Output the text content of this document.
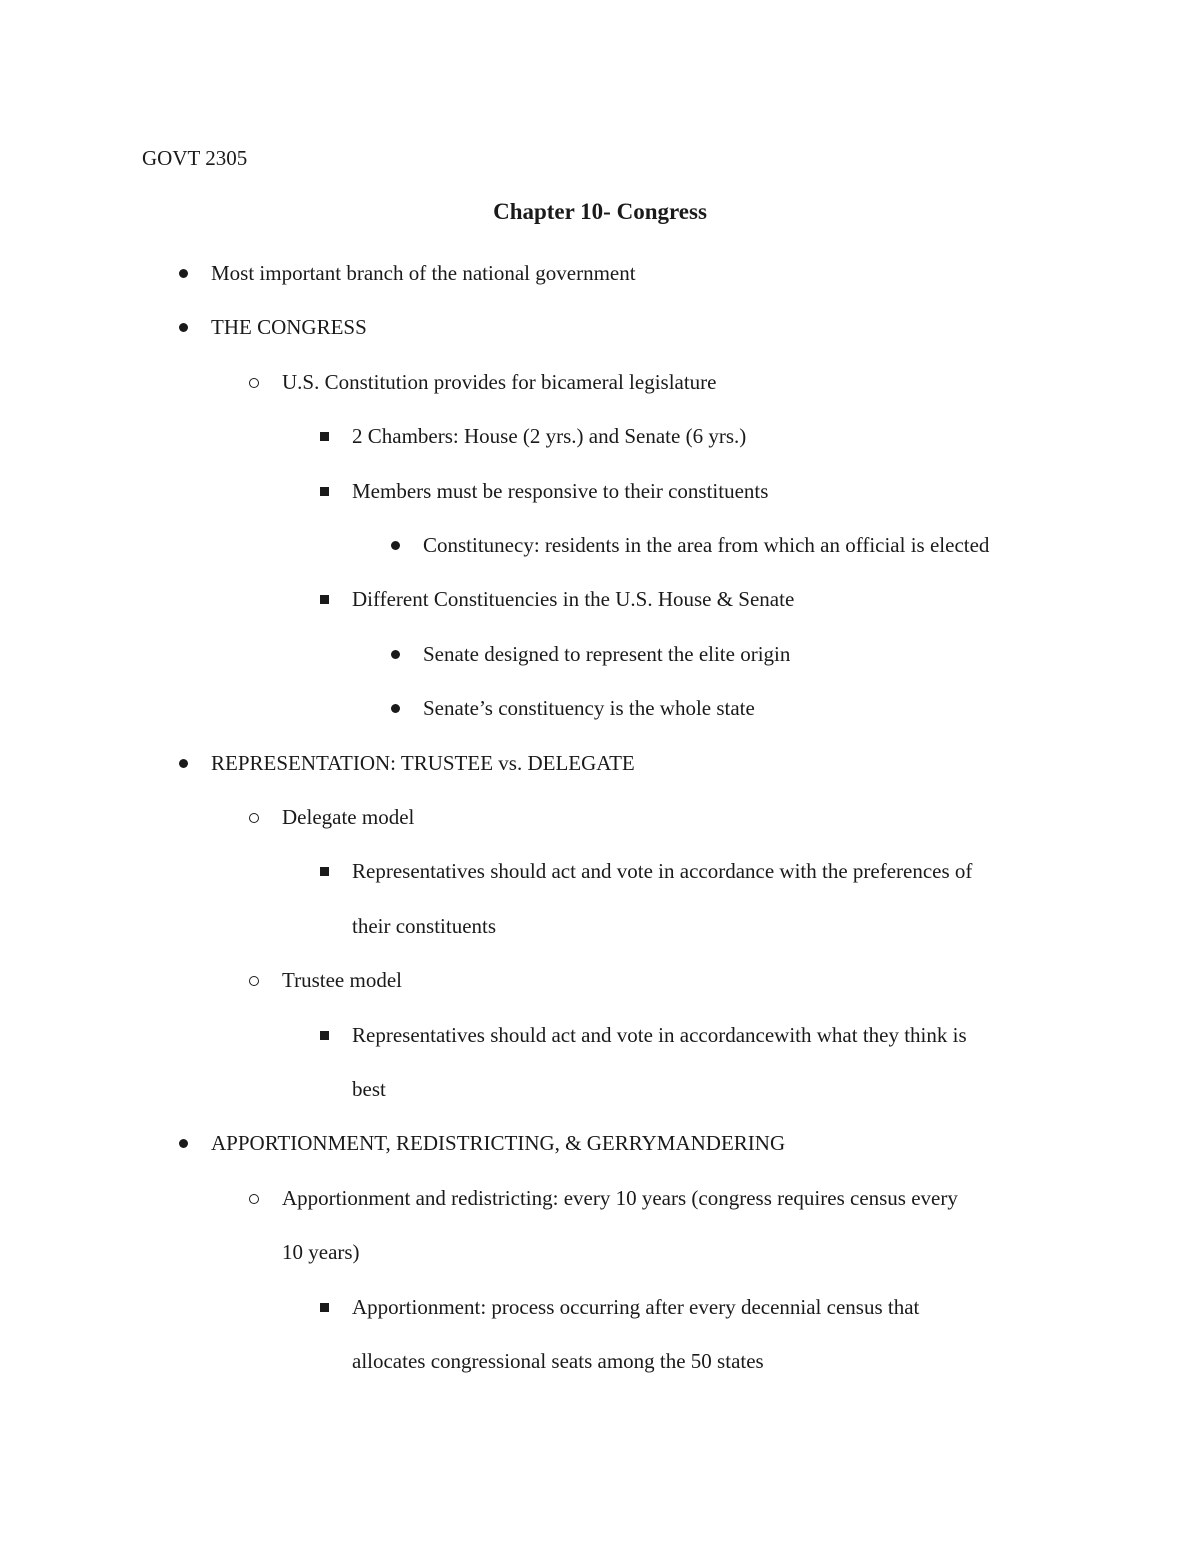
GOVT 2305
Chapter 10- Congress
Most important branch of the national government
THE CONGRESS
U.S. Constitution provides for bicameral legislature
2 Chambers: House (2 yrs.) and Senate (6 yrs.)
Members must be responsive to their constituents
Constitunecy: residents in the area from which an official is elected
Different Constituencies in the U.S. House & Senate
Senate designed to represent the elite origin
Senate’s constituency is the whole state
REPRESENTATION: TRUSTEE vs. DELEGATE
Delegate model
Representatives should act and vote in accordance with the preferences of
their constituents
Trustee model
Representatives should act and vote in accordancewith what they think is
best
APPORTIONMENT, REDISTRICTING, & GERRYMANDERING
Apportionment and redistricting: every 10 years (congress requires census every
10 years)
Apportionment: process occurring after every decennial census that
allocates congressional seats among the 50 states
